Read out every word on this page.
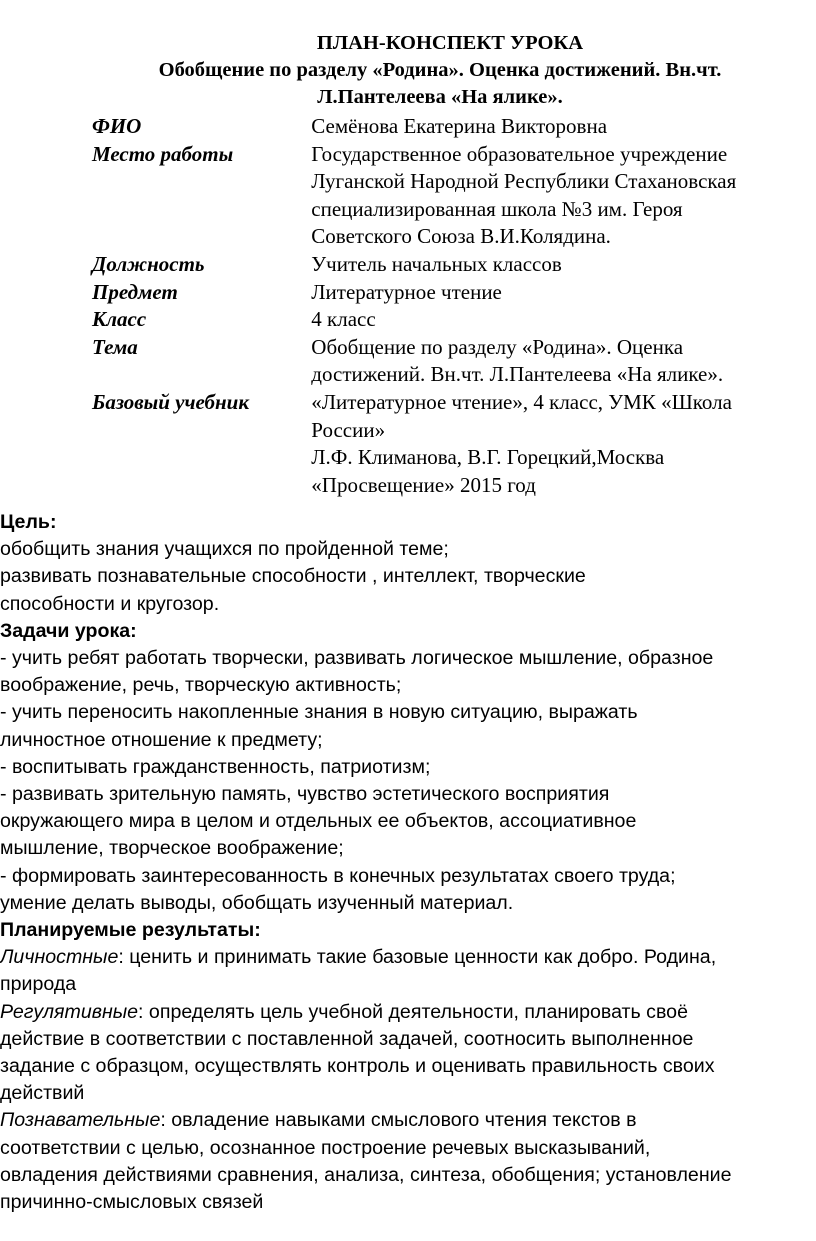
ПЛАН-КОНСПЕКТ УРОКА
Обобщение по разделу «Родина». Оценка достижений. Вн.чт.
Л.Пантелеева «На ялике».
ФИО	Семёнова Екатерина Викторовна

Место работы	Государственное образовательное учреждение
Луганской Народной Республики Стахановская
специализированная школа №3 им. Героя
Советского Союза В.И.Колядина.

Должность	Учитель начальных классов

Предмет	Литературное чтение

Класс	4 класс

Тема	Обобщение по разделу «Родина». Оценка
достижений. Вн.чт. Л.Пантелеева «На ялике».

Базовый учебник	«Литературное чтение», 4 класс, УМК «Школа
России»
Л.Ф. Климанова, В.Г. Горецкий,Москва
«Просвещение» 2015 год
Цель:
обобщить знания учащихся по пройденной теме;
развивать познавательные способности , интеллект, творческие
способности и кругозор.
Задачи урока:
- учить ребят работать творчески, развивать логическое мышление, образное
воображение, речь, творческую активность;
- учить переносить накопленные знания в новую ситуацию, выражать
личностное отношение к предмету;
- воспитывать гражданственность, патриотизм;
- развивать зрительную память, чувство эстетического восприятия
окружающего мира в целом и отдельных ее объектов, ассоциативное
мышление, творческое воображение;
- формировать заинтересованность в конечных результатах своего труда;
умение делать выводы, обобщать изученный материал.
Планируемые результаты:
Личностные: ценить и принимать такие базовые ценности как добро. Родина,
природа
Регулятивные: определять цель учебной деятельности, планировать своё
действие в соответствии с поставленной задачей, соотносить выполненное
задание с образцом, осуществлять контроль и оценивать правильность своих
действий
Познавательные: овладение навыками смыслового чтения текстов в
соответствии с целью, осознанное построение речевых высказываний,
овладения действиями сравнения, анализа, синтеза, обобщения; установление
причинно-смысловых связей
